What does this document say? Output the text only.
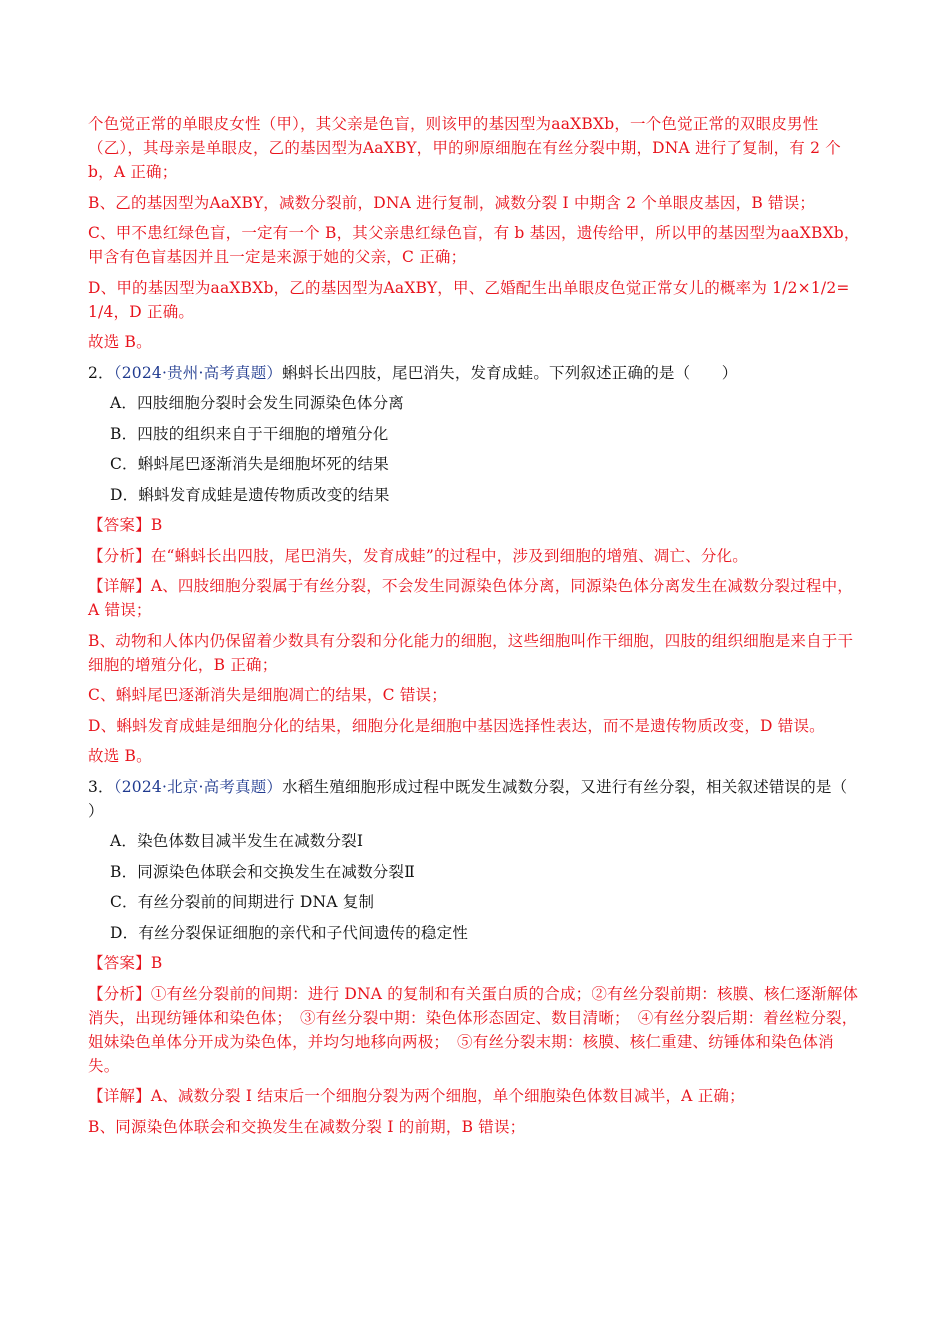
个色觉正常的单眼皮女性（甲），其父亲是色盲，则该甲的基因型为aaXBXb，一个色觉正常的双眼皮男性（乙），其母亲是单眼皮，乙的基因型为AaXBY，甲的卵原细胞在有丝分裂中期，DNA 进行了复制，有 2 个 b，A 正确；

B、乙的基因型为AaXBY，减数分裂前，DNA 进行复制，减数分裂 I 中期含 2 个单眼皮基因，B 错误；

C、甲不患红绿色盲，一定有一个 B，其父亲患红绿色盲，有 b 基因，遗传给甲，所以甲的基因型为aaXBXb，甲含有色盲基因并且一定是来源于她的父亲，C 正确；

D、甲的基因型为aaXBXb，乙的基因型为AaXBY，甲、乙婚配生出单眼皮色觉正常女儿的概率为 1/2×1/2=1/4，D 正确。

故选 B。

2．（2024·贵州·高考真题）蝌蚪长出四肢，尾巴消失，发育成蛙。下列叙述正确的是（　　）

A．四肢细胞分裂时会发生同源染色体分离

B．四肢的组织来自于干细胞的增殖分化

C．蝌蚪尾巴逐渐消失是细胞坏死的结果

D．蝌蚪发育成蛙是遗传物质改变的结果

【答案】B

【分析】在“蝌蚪长出四肢，尾巴消失，发育成蛙”的过程中，涉及到细胞的增殖、凋亡、分化。

【详解】A、四肢细胞分裂属于有丝分裂，不会发生同源染色体分离，同源染色体分离发生在减数分裂过程中，A 错误；

B、动物和人体内仍保留着少数具有分裂和分化能力的细胞，这些细胞叫作干细胞，四肢的组织细胞是来自于干细胞的增殖分化，B 正确；

C、蝌蚪尾巴逐渐消失是细胞凋亡的结果，C 错误；

D、蝌蚪发育成蛙是细胞分化的结果，细胞分化是细胞中基因选择性表达，而不是遗传物质改变，D 错误。

故选 B。

3．（2024·北京·高考真题）水稻生殖细胞形成过程中既发生减数分裂，又进行有丝分裂，相关叙述错误的是（　　）

A．染色体数目减半发生在减数分裂Ⅰ

B．同源染色体联会和交换发生在减数分裂Ⅱ

C．有丝分裂前的间期进行 DNA 复制

D．有丝分裂保证细胞的亲代和子代间遗传的稳定性

【答案】B

【分析】①有丝分裂前的间期：进行 DNA 的复制和有关蛋白质的合成；②有丝分裂前期：核膜、核仁逐渐解体消失，出现纺锤体和染色体；　③有丝分裂中期：染色体形态固定、数目清晰；　④有丝分裂后期：着丝粒分裂，姐妹染色单体分开成为染色体，并均匀地移向两极；　⑤有丝分裂末期：核膜、核仁重建、纺锤体和染色体消失。

【详解】A、减数分裂 I 结束后一个细胞分裂为两个细胞，单个细胞染色体数目减半，A 正确；

B、同源染色体联会和交换发生在减数分裂 I 的前期，B 错误；
